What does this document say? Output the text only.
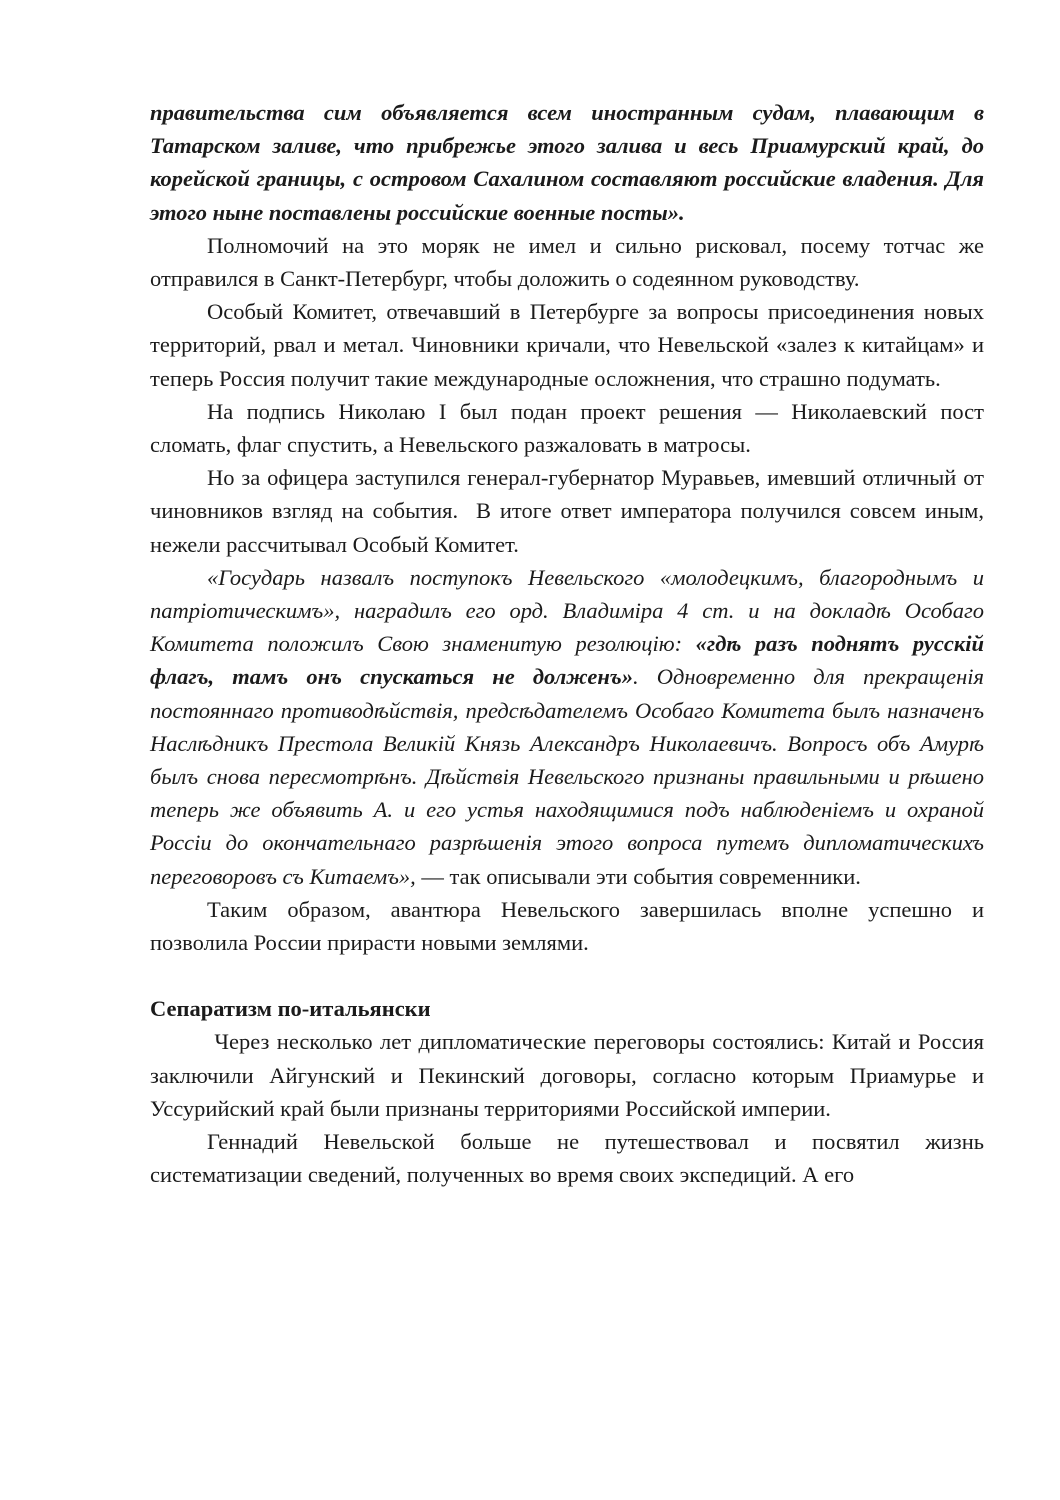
правительства сим объявляется всем иностранным судам, плавающим в Татарском заливе, что прибрежье этого залива и весь Приамурский край, до корейской границы, с островом Сахалином составляют российские владения. Для этого ныне поставлены российские военные посты».

Полномочий на это моряк не имел и сильно рисковал, посему тотчас же отправился в Санкт-Петербург, чтобы доложить о содеянном руководству.

Особый Комитет, отвечавший в Петербурге за вопросы присоединения новых территорий, рвал и метал. Чиновники кричали, что Невельской «залез к китайцам» и теперь Россия получит такие международные осложнения, что страшно подумать.

На подпись Николаю I был подан проект решения — Николаевский пост сломать, флаг спустить, а Невельского разжаловать в матросы.

Но за офицера заступился генерал-губернатор Муравьев, имевший отличный от чиновников взгляд на события.  В итоге ответ императора получился совсем иным, нежели рассчитывал Особый Комитет.

«Государь назвалъ поступокъ Невельского «молодецкимъ, благороднымъ и патріотическимъ», наградилъ его орд. Владиміра 4 ст. и на докладѣ Особаго Комитета положилъ Свою знаменитую резолюцію: «гдѣ разъ поднятъ русскій флагъ, тамъ онъ спускаться не долженъ». Одновременно для прекращенія постояннаго противодѣйствія, предсѣдателемъ Особаго Комитета былъ назначенъ Наслѣдникъ Престола Великій Князь Александръ Николаевичъ. Вопросъ объ Амурѣ былъ снова пересмотрѣнъ. Дѣйствія Невельского признаны правильными и рѣшено теперь же объявить А. и его устья находящимися подъ наблюденіемъ и охраной Россіи до окончательнаго разрѣшенія этого вопроса путемъ дипломатическихъ переговоровъ съ Китаемъ», — так описывали эти события современники.

Таким образом, авантюра Невельского завершилась вполне успешно и позволила России прирасти новыми землями.

Сепаратизм по-итальянски

Через несколько лет дипломатические переговоры состоялись: Китай и Россия заключили Айгунский и Пекинский договоры, согласно которым Приамурье и Уссурийский край были признаны территориями Российской империи.

Геннадий Невельской больше не путешествовал и посвятил жизнь систематизации сведений, полученных во время своих экспедиций. А его
